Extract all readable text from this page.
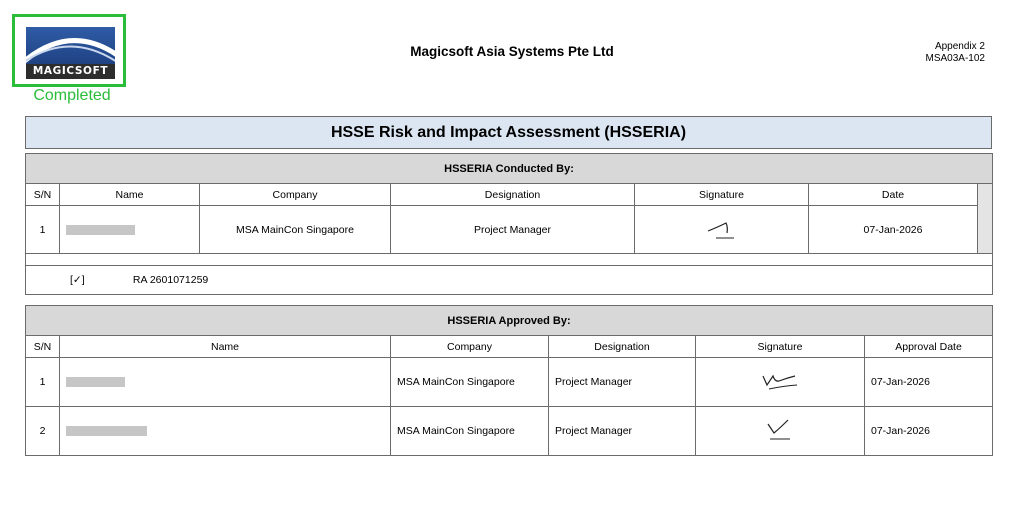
MAGICSOFT
Completed
Magicsoft Asia Systems Pte Ltd	Appendix 2
MSA03A-102
HSSE Risk and Impact Assessment (HSSERIA)
HSSERIA Conducted By:						
S/N	Name	Company	Designation	Signature	Date	
1		MSA MainCon Singapore	Project Manager		07-Jan-2026	

[✓] RA 2601071259						
HSSERIA Approved By:					
S/N	Name	Company	Designation	Signature	Approval Date
1		MSA MainCon Singapore	Project Manager		07-Jan-2026
2		MSA MainCon Singapore	Project Manager		07-Jan-2026
